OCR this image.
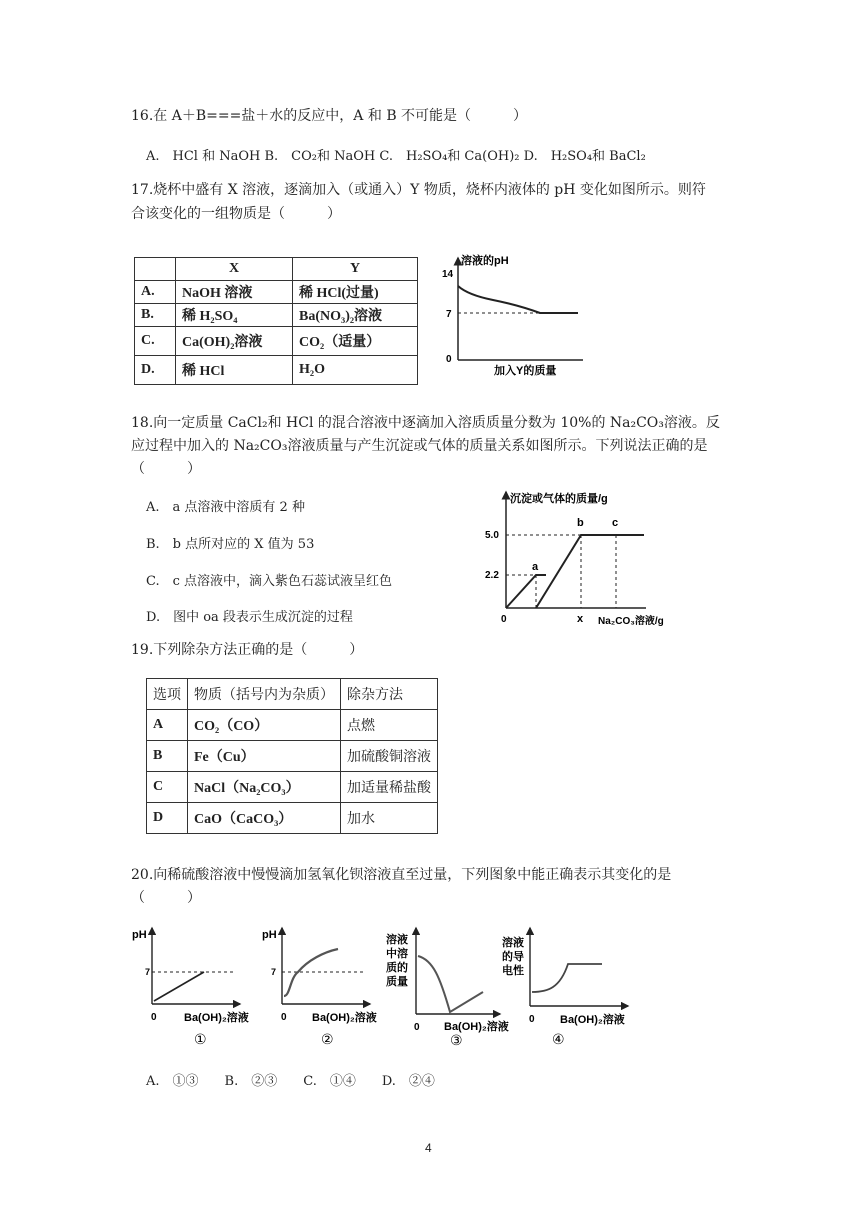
16.在 A＋B===盐＋水的反应中，A 和 B 不可能是（　　　）
A.　HCl 和 NaOH B.　CO₂和 NaOH C.　H₂SO₄和 Ca(OH)₂ D.　H₂SO₄和 BaCl₂
17.烧杯中盛有 X 溶液，逐滴加入（或通入）Y 物质，烧杯内液体的 pH 变化如图所示。则符
合该变化的一组物质是（　　　）
	X	Y
A.	NaOH 溶液	稀 HCl(过量)
B.	稀 H₂SO₄	Ba(NO₃)₂溶液
C.	Ca(OH)₂溶液	CO₂（适量）
D.	稀 HCl	H₂O
溶液的pH
14
7
0
加入Y的质量
18.向一定质量 CaCl₂和 HCl 的混合溶液中逐滴加入溶质质量分数为 10%的 Na₂CO₃溶液。反
应过程中加入的 Na₂CO₃溶液质量与产生沉淀或气体的质量关系如图所示。下列说法正确的是
（　　　）
A.　a 点溶液中溶质有 2 种
B.　b 点所对应的 X 值为 53
C.　c 点溶液中，滴入紫色石蕊试液呈红色
D.　图中 oa 段表示生成沉淀的过程
沉淀或气体的质量/g
5.0
2.2
0
a
b	c
x Na₂CO₃溶液/g
19.下列除杂方法正确的是（　　　）
选项	物质（括号内为杂质）	除杂方法
A	CO₂（CO）	点燃
B	Fe（Cu）	加硫酸铜溶液
C	NaCl（Na₂CO₃）	加适量稀盐酸
D	CaO（CaCO₃）	加水
20.向稀硫酸溶液中慢慢滴加氢氧化钡溶液直至过量，下列图象中能正确表示其变化的是
（　　　）
pH
7
0 Ba(OH)₂溶液
①
pH
7
0 Ba(OH)₂溶液
②
溶液
中溶
质的
质量
0 Ba(OH)₂溶液
③
溶液
的导
电性
0 Ba(OH)₂溶液
④
A.　①③　　B.　②③　　C.　①④　　D.　②④
4
